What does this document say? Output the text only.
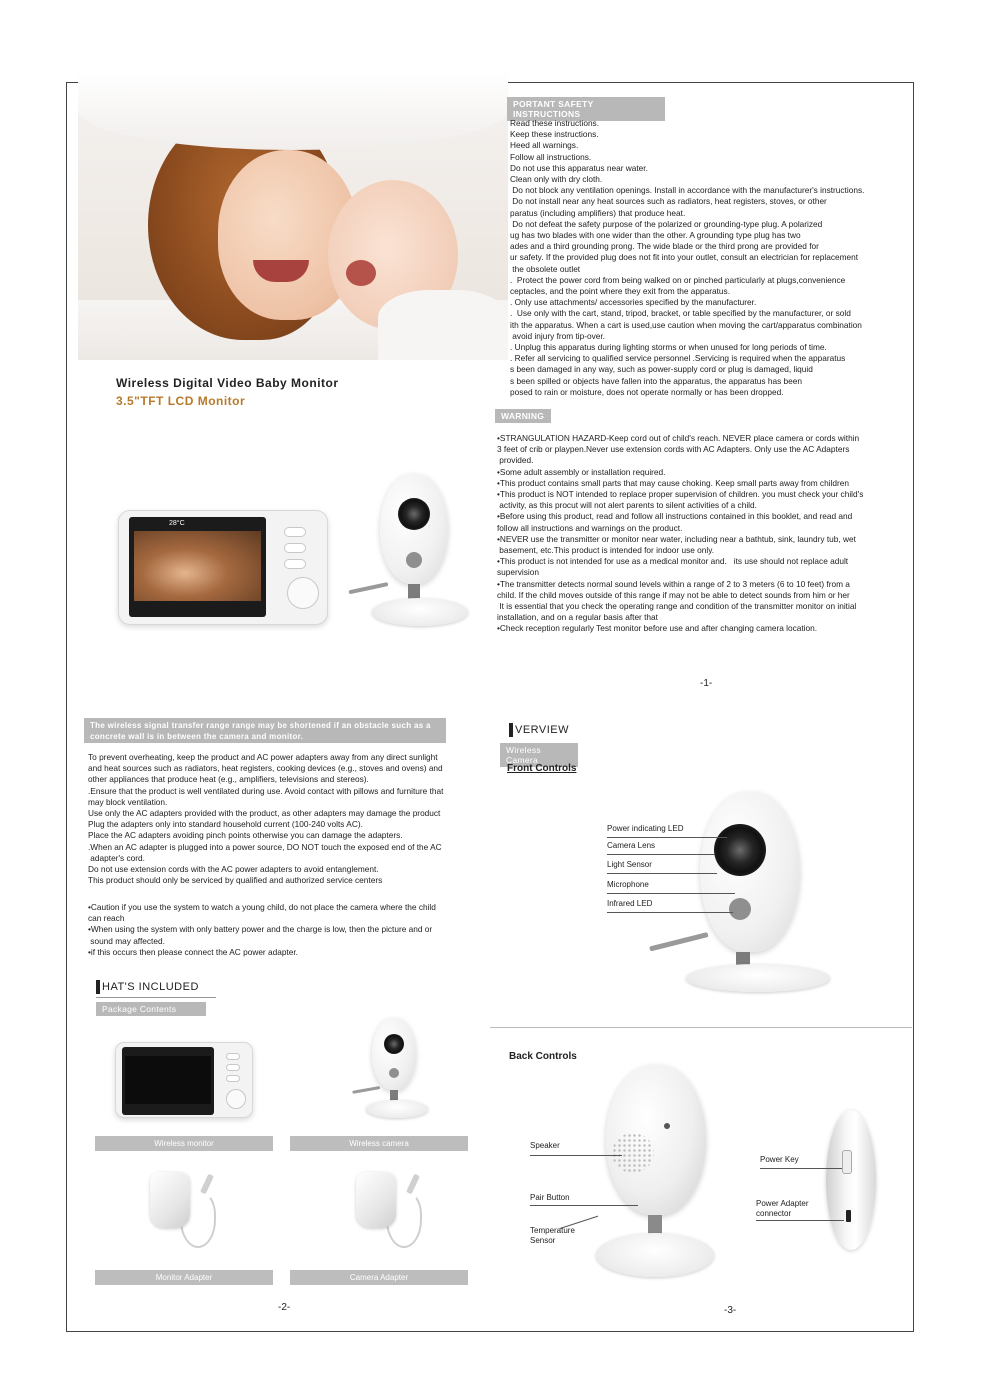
Wireless Digital Video Baby Monitor
3.5"TFT LCD Monitor
28°C
PORTANT SAFETY INSTRUCTIONS
Read these instructions.
Keep these instructions.
Heed all warnings.
Follow all instructions.
Do not use this apparatus near water.
Clean only with dry cloth.
Do not block any ventilation openings. Install in accordance with the manufacturer's instructions.
Do not install near any heat sources such as radiators, heat registers, stoves, or other
paratus (including amplifiers) that produce heat.
Do not defeat the safety purpose of the polarized or grounding-type plug. A polarized
ug has two blades with one wider than the other. A grounding type plug has two
ades and a third grounding prong. The wide blade or the third prong are provided for
ur safety. If the provided plug does not fit into your outlet, consult an electrician for replacement
the obsolete outlet
.  Protect the power cord from being walked on or pinched particularly at plugs,convenience
ceptacles, and the point where they exit from the apparatus.
. Only use attachments/ accessories specified by the manufacturer.
.  Use only with the cart, stand, tripod, bracket, or table specified by the manufacturer, or sold
ith the apparatus. When a cart is used,use caution when moving the cart/apparatus combination
avoid injury from tip-over.
. Unplug this apparatus during lighting storms or when unused for long periods of time.
. Refer all servicing to qualified service personnel .Servicing is required when the apparatus
s been damaged in any way, such as power-supply cord or plug is damaged, liquid
s been spilled or objects have fallen into the apparatus, the apparatus has been
posed to rain or moisture, does not operate normally or has been dropped.
WARNING
•STRANGULATION HAZARD-Keep cord out of child's reach. NEVER place camera or cords within
3 feet of crib or playpen.Never use extension cords with AC Adapters. Only use the AC Adapters
provided.
•Some adult assembly or installation required.
•This product contains small parts that may cause choking. Keep small parts away from children
•This product is NOT intended to replace proper supervision of children. you must check your child's
activity, as this procut will not alert parents to silent activities of a child.
•Before using this product, read and follow all instructions contained in this booklet, and read and
follow all instructions and warnings on the product.
•NEVER use the transmitter or monitor near water, including near a bathtub, sink, laundry tub, wet
basement, etc.This product is intended for indoor use only.
•This product is not intended for use as a medical monitor and.   its use should not replace adult
supervision
•The transmitter detects normal sound levels within a range of 2 to 3 meters (6 to 10 feet) from a
child. If the child moves outside of this range if may not be able to detect sounds from him or her
It is essential that you check the operating range and condition of the transmitter monitor on initial
installation, and on a regular basis after that
•Check reception regularly Test monitor before use and after changing camera location.
-1-
The wireless signal transfer range range may be shortened if an obstacle such as a
concrete wall is in between the camera and monitor.
To prevent overheating, keep the product and AC power adapters away from any direct sunlight
and heat sources such as radiators, heat registers, cooking devices (e.g., stoves and ovens) and
other appliances that produce heat (e.g., amplifiers, televisions and stereos).
.Ensure that the product is well ventilated during use. Avoid contact with pillows and furniture that
may block ventilation.
Use only the AC adapters provided with the product, as other adapters may damage the product
Plug the adapters only into standard household current (100-240 volts AC).
Place the AC adapters avoiding pinch points otherwise you can damage the adapters.
.When an AC adapter is plugged into a power source, DO NOT touch the exposed end of the AC
adapter's cord.
Do not use extension cords with the AC power adapters to avoid entanglement.
This product should only be serviced by qualified and authorized service centers
•Caution if you use the system to watch a young child, do not place the camera where the child
can reach
•When using the system with only battery power and the charge is low, then the picture and or
sound may affected.
•if this occurs then please connect the AC power adapter.
HAT'S INCLUDED
Package Contents
Wireless monitor	Wireless camera
Monitor Adapter	Camera Adapter
-2-
VERVIEW
Wireless Camera
Front Controls
Power indicating LED
Camera Lens
Light Sensor
Microphone
Infrared LED
Back Controls
Speaker
Pair Button
Temperature
Sensor
Power Key
Power Adapter
connector
-3-
